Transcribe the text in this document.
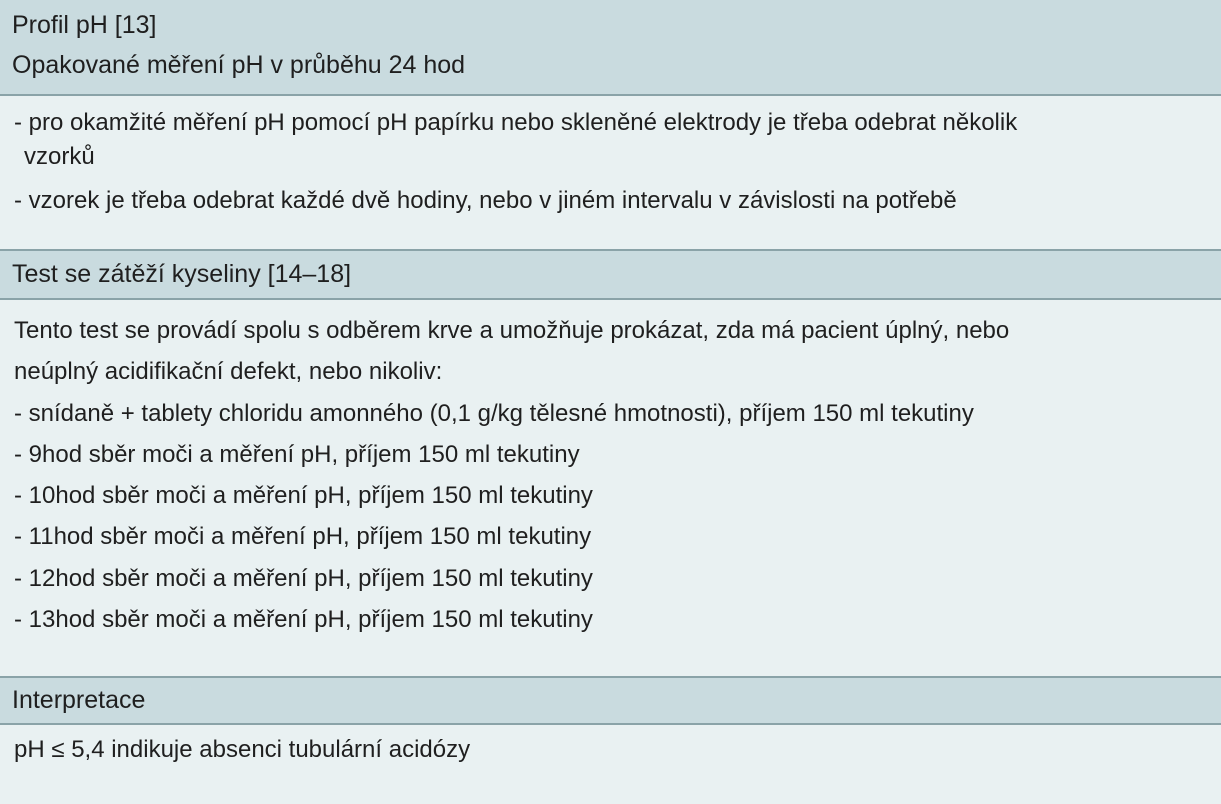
Profil pH [13]
Opakované měření pH v průběhu 24 hod
- pro okamžité měření pH pomocí pH papírku nebo skleněné elektrody je třeba odebrat několik
vzorků
- vzorek je třeba odebrat každé dvě hodiny, nebo v jiném intervalu v závislosti na potřebě
Test se zátěží kyseliny [14–18]
Tento test se provádí spolu s odběrem krve a umožňuje prokázat, zda má pacient úplný, nebo
neúplný acidifikační defekt, nebo nikoliv:
- snídaně + tablety chloridu amonného (0,1 g/kg tělesné hmotnosti), příjem 150 ml tekutiny
- 9hod sběr moči a měření pH, příjem 150 ml tekutiny
- 10hod sběr moči a měření pH, příjem 150 ml tekutiny
- 11hod sběr moči a měření pH, příjem 150 ml tekutiny
- 12hod sběr moči a měření pH, příjem 150 ml tekutiny
- 13hod sběr moči a měření pH, příjem 150 ml tekutiny
Interpretace
pH ≤ 5,4 indikuje absenci tubulární acidózy
